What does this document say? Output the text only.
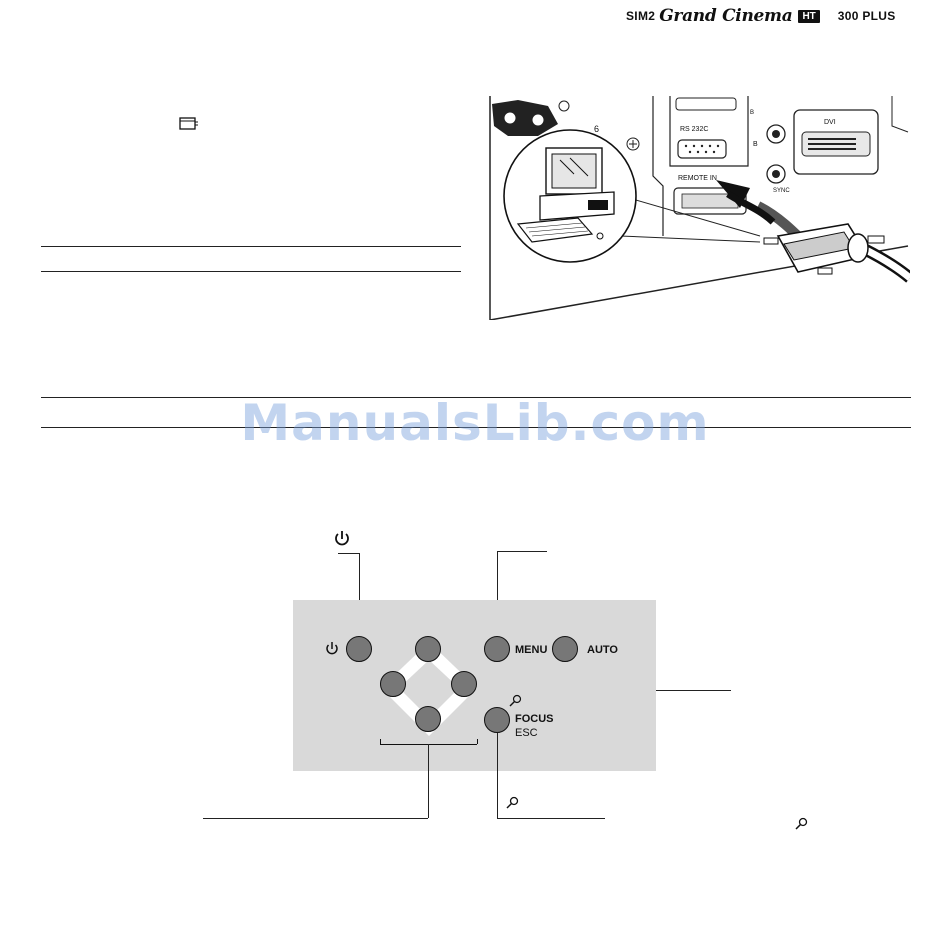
SIM2 Grand Cinema	HT	300 PLUS
6	RS 232C
REMOTE IN
B
B
SYNC
DVI
ManualsLib.com
MENU	AUTO
FOCUS
ESC
